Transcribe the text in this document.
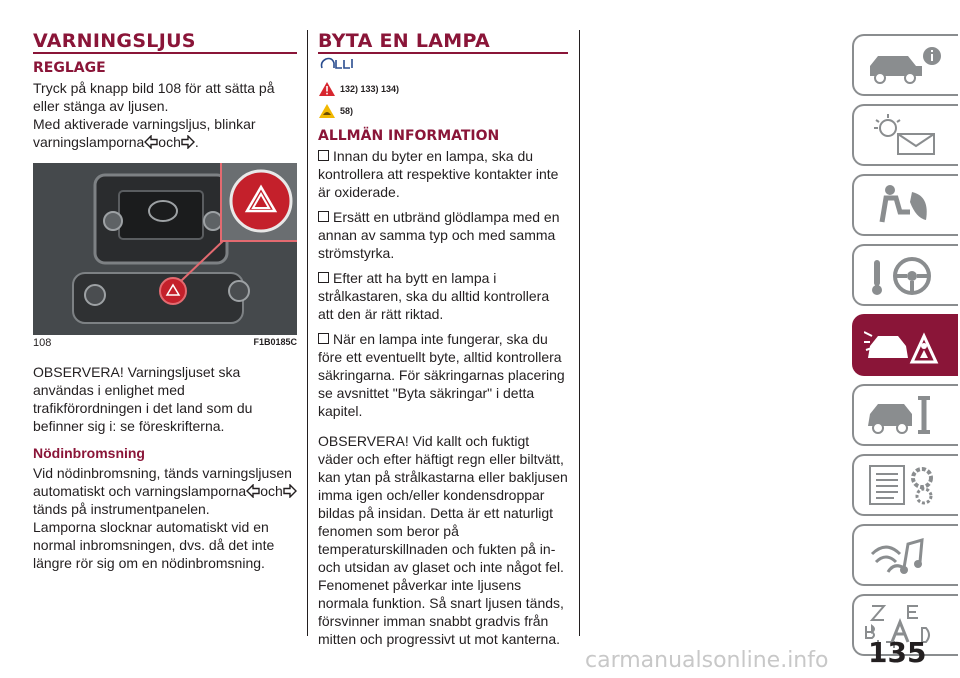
VARNINGSLJUS
REGLAGE

Tryck på knapp bild 108 för att sätta på eller stänga av ljusen.

Med aktiverade varningsljus, blinkar varningslamporna och .

108	F1B0185C

OBSERVERA! Varningsljuset ska användas i enlighet med trafikförordningen i det land som du befinner sig i: se föreskrifterna.

Nödinbromsning

Vid nödinbromsning, tänds varningsljusen automatiskt och varningslamporna ochtänds på instrumentpanelen.

Lamporna slocknar automatiskt vid en normal inbromsningen, dvs. då det inte längre rör sig om en nödinbromsning.

BYTA EN LAMPA
132) 133) 134)
58)
ALLMÄN INFORMATION

Innan du byter en lampa, ska du kontrollera att respektive kontakter inte är oxiderade.

Ersätt en utbränd glödlampa med en annan av samma typ och med samma strömstyrka.

Efter att ha bytt en lampa i strålkastaren, ska du alltid kontrollera att den är rätt riktad.

När en lampa inte fungerar, ska du före ett eventuellt byte, alltid kontrollera säkringarna. För säkringarnas placering se avsnittet "Byta säkringar" i detta kapitel.

OBSERVERA! Vid kallt och fuktigt väder och efter häftigt regn eller biltvätt, kan ytan på strålkastarna eller bakljusen imma igen och/eller kondensdroppar bildas på insidan. Detta är ett naturligt fenomen som beror på temperaturskillnaden och fukten på in- och utsidan av glaset och inte något fel. Fenomenet påverkar inte ljusens normala funktion. Så snart ljusen tänds, försvinner imman snabbt gradvis från mitten och progressivt ut mot kanterna.	135
carmanualsonline.info
